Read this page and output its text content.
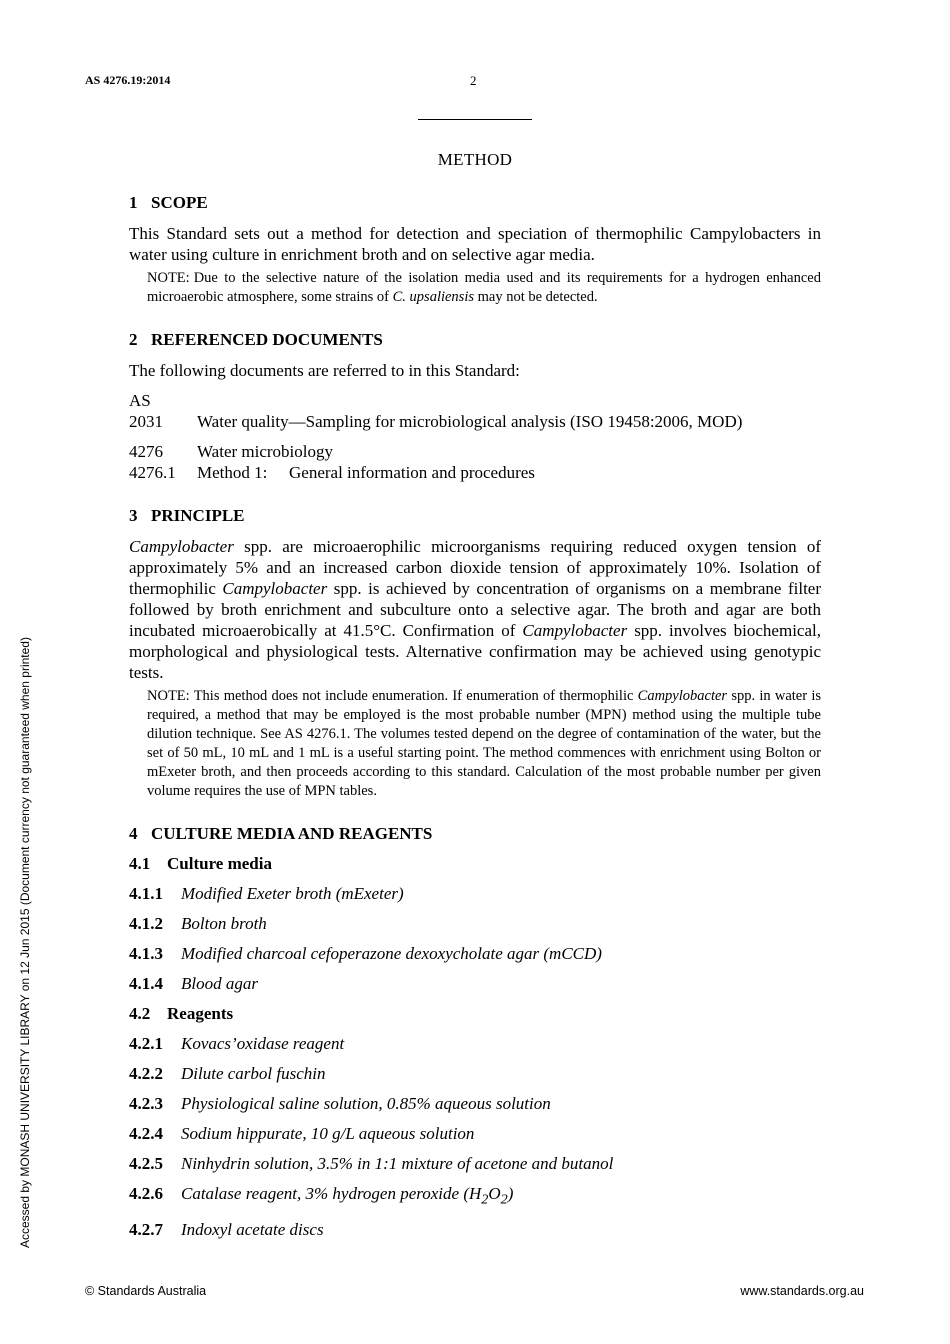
AS 4276.19:2014	2
METHOD

1 SCOPE

This Standard sets out a method for detection and speciation of thermophilic Campylobacters in water using culture in enrichment broth and on selective agar media.

NOTE: Due to the selective nature of the isolation media used and its requirements for a hydrogen enhanced microaerobic atmosphere, some strains of C. upsaliensis may not be detected.

2 REFERENCED DOCUMENTS

The following documents are referred to in this Standard:

AS

2031	Water quality—Sampling for microbiological analysis (ISO 19458:2006, MOD)
4276	Water microbiology
4276.1	Method 1:	General information and procedures

3 PRINCIPLE

Campylobacter spp. are microaerophilic microorganisms requiring reduced oxygen tension of approximately 5% and an increased carbon dioxide tension of approximately 10%. Isolation of thermophilic Campylobacter spp. is achieved by concentration of organisms on a membrane filter followed by broth enrichment and subculture onto a selective agar. The broth and agar are both incubated microaerobically at 41.5°C. Confirmation of Campylobacter spp. involves biochemical, morphological and physiological tests. Alternative confirmation may be achieved using genotypic tests.

NOTE: This method does not include enumeration. If enumeration of thermophilic Campylobacter spp. in water is required, a method that may be employed is the most probable number (MPN) method using the multiple tube dilution technique. See AS 4276.1. The volumes tested depend on the degree of contamination of the water, but the set of 50 mL, 10 mL and 1 mL is a useful starting point. The method commences with enrichment using Bolton or mExeter broth, and then proceeds according to this standard. Calculation of the most probable number per given volume requires the use of MPN tables.

4 CULTURE MEDIA AND REAGENTS

4.1 Culture media

4.1.1 Modified Exeter broth (mExeter)

4.1.2 Bolton broth

4.1.3 Modified charcoal cefoperazone dexoxycholate agar (mCCD)

4.1.4 Blood agar

4.2 Reagents

4.2.1 Kovacs’oxidase reagent

4.2.2 Dilute carbol fuschin

4.2.3 Physiological saline solution, 0.85% aqueous solution

4.2.4 Sodium hippurate, 10 g/L aqueous solution

4.2.5 Ninhydrin solution, 3.5% in 1:1 mixture of acetone and butanol

4.2.6 Catalase reagent, 3% hydrogen peroxide $(H_2O_2)$

4.2.7 Indoxyl acetate discs

Accessed by MONASH UNIVERSITY LIBRARY on 12 Jun 2015 (Document currency not guaranteed when printed)
© Standards Australia	www.standards.org.au
